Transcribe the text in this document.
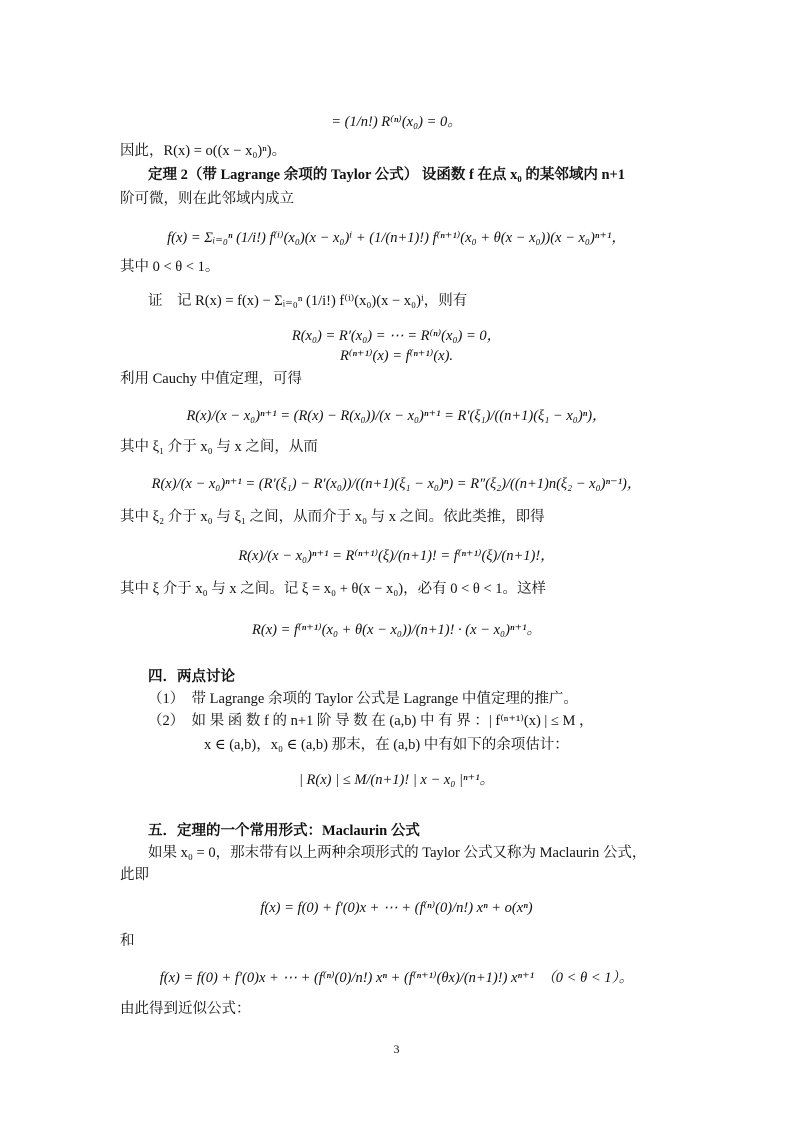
= (1/n!) R⁽ⁿ⁾(x₀) = 0。
因此，R(x) = o((x − x₀)ⁿ)。
定理 2（带 Lagrange 余项的 Taylor 公式） 设函数 f 在点 x₀ 的某邻域内 n+1
阶可微，则在此邻域内成立
f(x) = Σᵢ₌₀ⁿ (1/i!) f⁽ⁱ⁾(x₀)(x − x₀)ⁱ + (1/(n+1)!) f⁽ⁿ⁺¹⁾(x₀ + θ(x − x₀))(x − x₀)ⁿ⁺¹，
其中 0 < θ < 1。
证　记 R(x) = f(x) − Σᵢ₌₀ⁿ (1/i!) f⁽ⁱ⁾(x₀)(x − x₀)ⁱ，则有
R(x₀) = R′(x₀) = ⋯ = R⁽ⁿ⁾(x₀) = 0，
R⁽ⁿ⁺¹⁾(x) = f⁽ⁿ⁺¹⁾(x).
利用 Cauchy 中值定理，可得
R(x)/(x − x₀)ⁿ⁺¹ = (R(x) − R(x₀))/(x − x₀)ⁿ⁺¹ = R′(ξ₁)/((n+1)(ξ₁ − x₀)ⁿ)，
其中 ξ₁ 介于 x₀ 与 x 之间，从而
R(x)/(x − x₀)ⁿ⁺¹ = (R′(ξ₁) − R′(x₀))/((n+1)(ξ₁ − x₀)ⁿ) = R″(ξ₂)/((n+1)n(ξ₂ − x₀)ⁿ⁻¹)，
其中 ξ₂ 介于 x₀ 与 ξ₁ 之间，从而介于 x₀ 与 x 之间。依此类推，即得
R(x)/(x − x₀)ⁿ⁺¹ = R⁽ⁿ⁺¹⁾(ξ)/(n+1)! = f⁽ⁿ⁺¹⁾(ξ)/(n+1)!，
其中 ξ 介于 x₀ 与 x 之间。记 ξ = x₀ + θ(x − x₀)，必有 0 < θ < 1。这样
R(x) = f⁽ⁿ⁺¹⁾(x₀ + θ(x − x₀))/(n+1)! · (x − x₀)ⁿ⁺¹。
四．两点讨论
（1）　带 Lagrange 余项的 Taylor 公式是 Lagrange 中值定理的推广。
（2）　如 果 函 数 f 的 n+1 阶 导 数 在 (a,b) 中 有 界 ：| f⁽ⁿ⁺¹⁾(x) | ≤ M ，
x ∈ (a,b)，x₀ ∈ (a,b) 那末，在 (a,b) 中有如下的余项估计：
| R(x) | ≤ M/(n+1)! | x − x₀ |ⁿ⁺¹。
五．定理的一个常用形式：Maclaurin 公式
如果 x₀ = 0，那末带有以上两种余项形式的 Taylor 公式又称为 Maclaurin 公式，
此即
f(x) = f(0) + f′(0)x + ⋯ + (f⁽ⁿ⁾(0)/n!) xⁿ + o(xⁿ)
和
f(x) = f(0) + f′(0)x + ⋯ + (f⁽ⁿ⁾(0)/n!) xⁿ + (f⁽ⁿ⁺¹⁾(θx)/(n+1)!) xⁿ⁺¹　（0 < θ < 1）。
由此得到近似公式：
3
